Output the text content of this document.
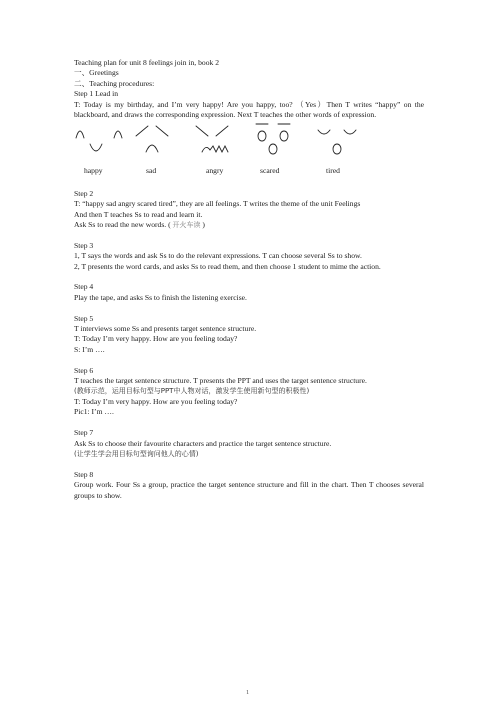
Teaching plan for unit 8 feelings join in, book 2
一、Greetings
二、Teaching procedures:
Step 1 Lead in
T: Today is my birthday, and I’m very happy! Are you happy, too? （Yes）Then T writes “happy” on the blackboard, and draws the corresponding expression. Next T teaches the other words of expression.
happy	sad	angry	scared	tired
Step 2
T: “happy sad angry scared tired”, they are all feelings. T writes the theme of the unit Feelings
And then T teaches Ss to read and learn it.
Ask Ss to read the new words. ( 开火车读 )
Step 3
1, T says the words and ask Ss to do the relevant expressions. T can choose several Ss to show.
2, T presents the word cards, and asks Ss to read them, and then choose 1 student to mime the action.
Step 4
Play the tape, and asks Ss to finish the listening exercise.
Step 5
T interviews some Ss and presents target sentence structure.
T: Today I’m very happy. How are you feeling today?
S: I’m ….
Step 6
T teaches the target sentence structure. T presents the PPT and uses the target sentence structure.
(教师示范，运用目标句型与PPT中人物对话，激发学生使用新句型的积极性)
T: Today I’m very happy. How are you feeling today?
Pic1: I’m ….
Step 7
Ask Ss to choose their favourite characters and practice the target sentence structure.
(让学生学会用目标句型询问他人的心情)
Step 8
Group work. Four Ss a group, practice the target sentence structure and fill in the chart. Then T chooses several groups to show.
1
